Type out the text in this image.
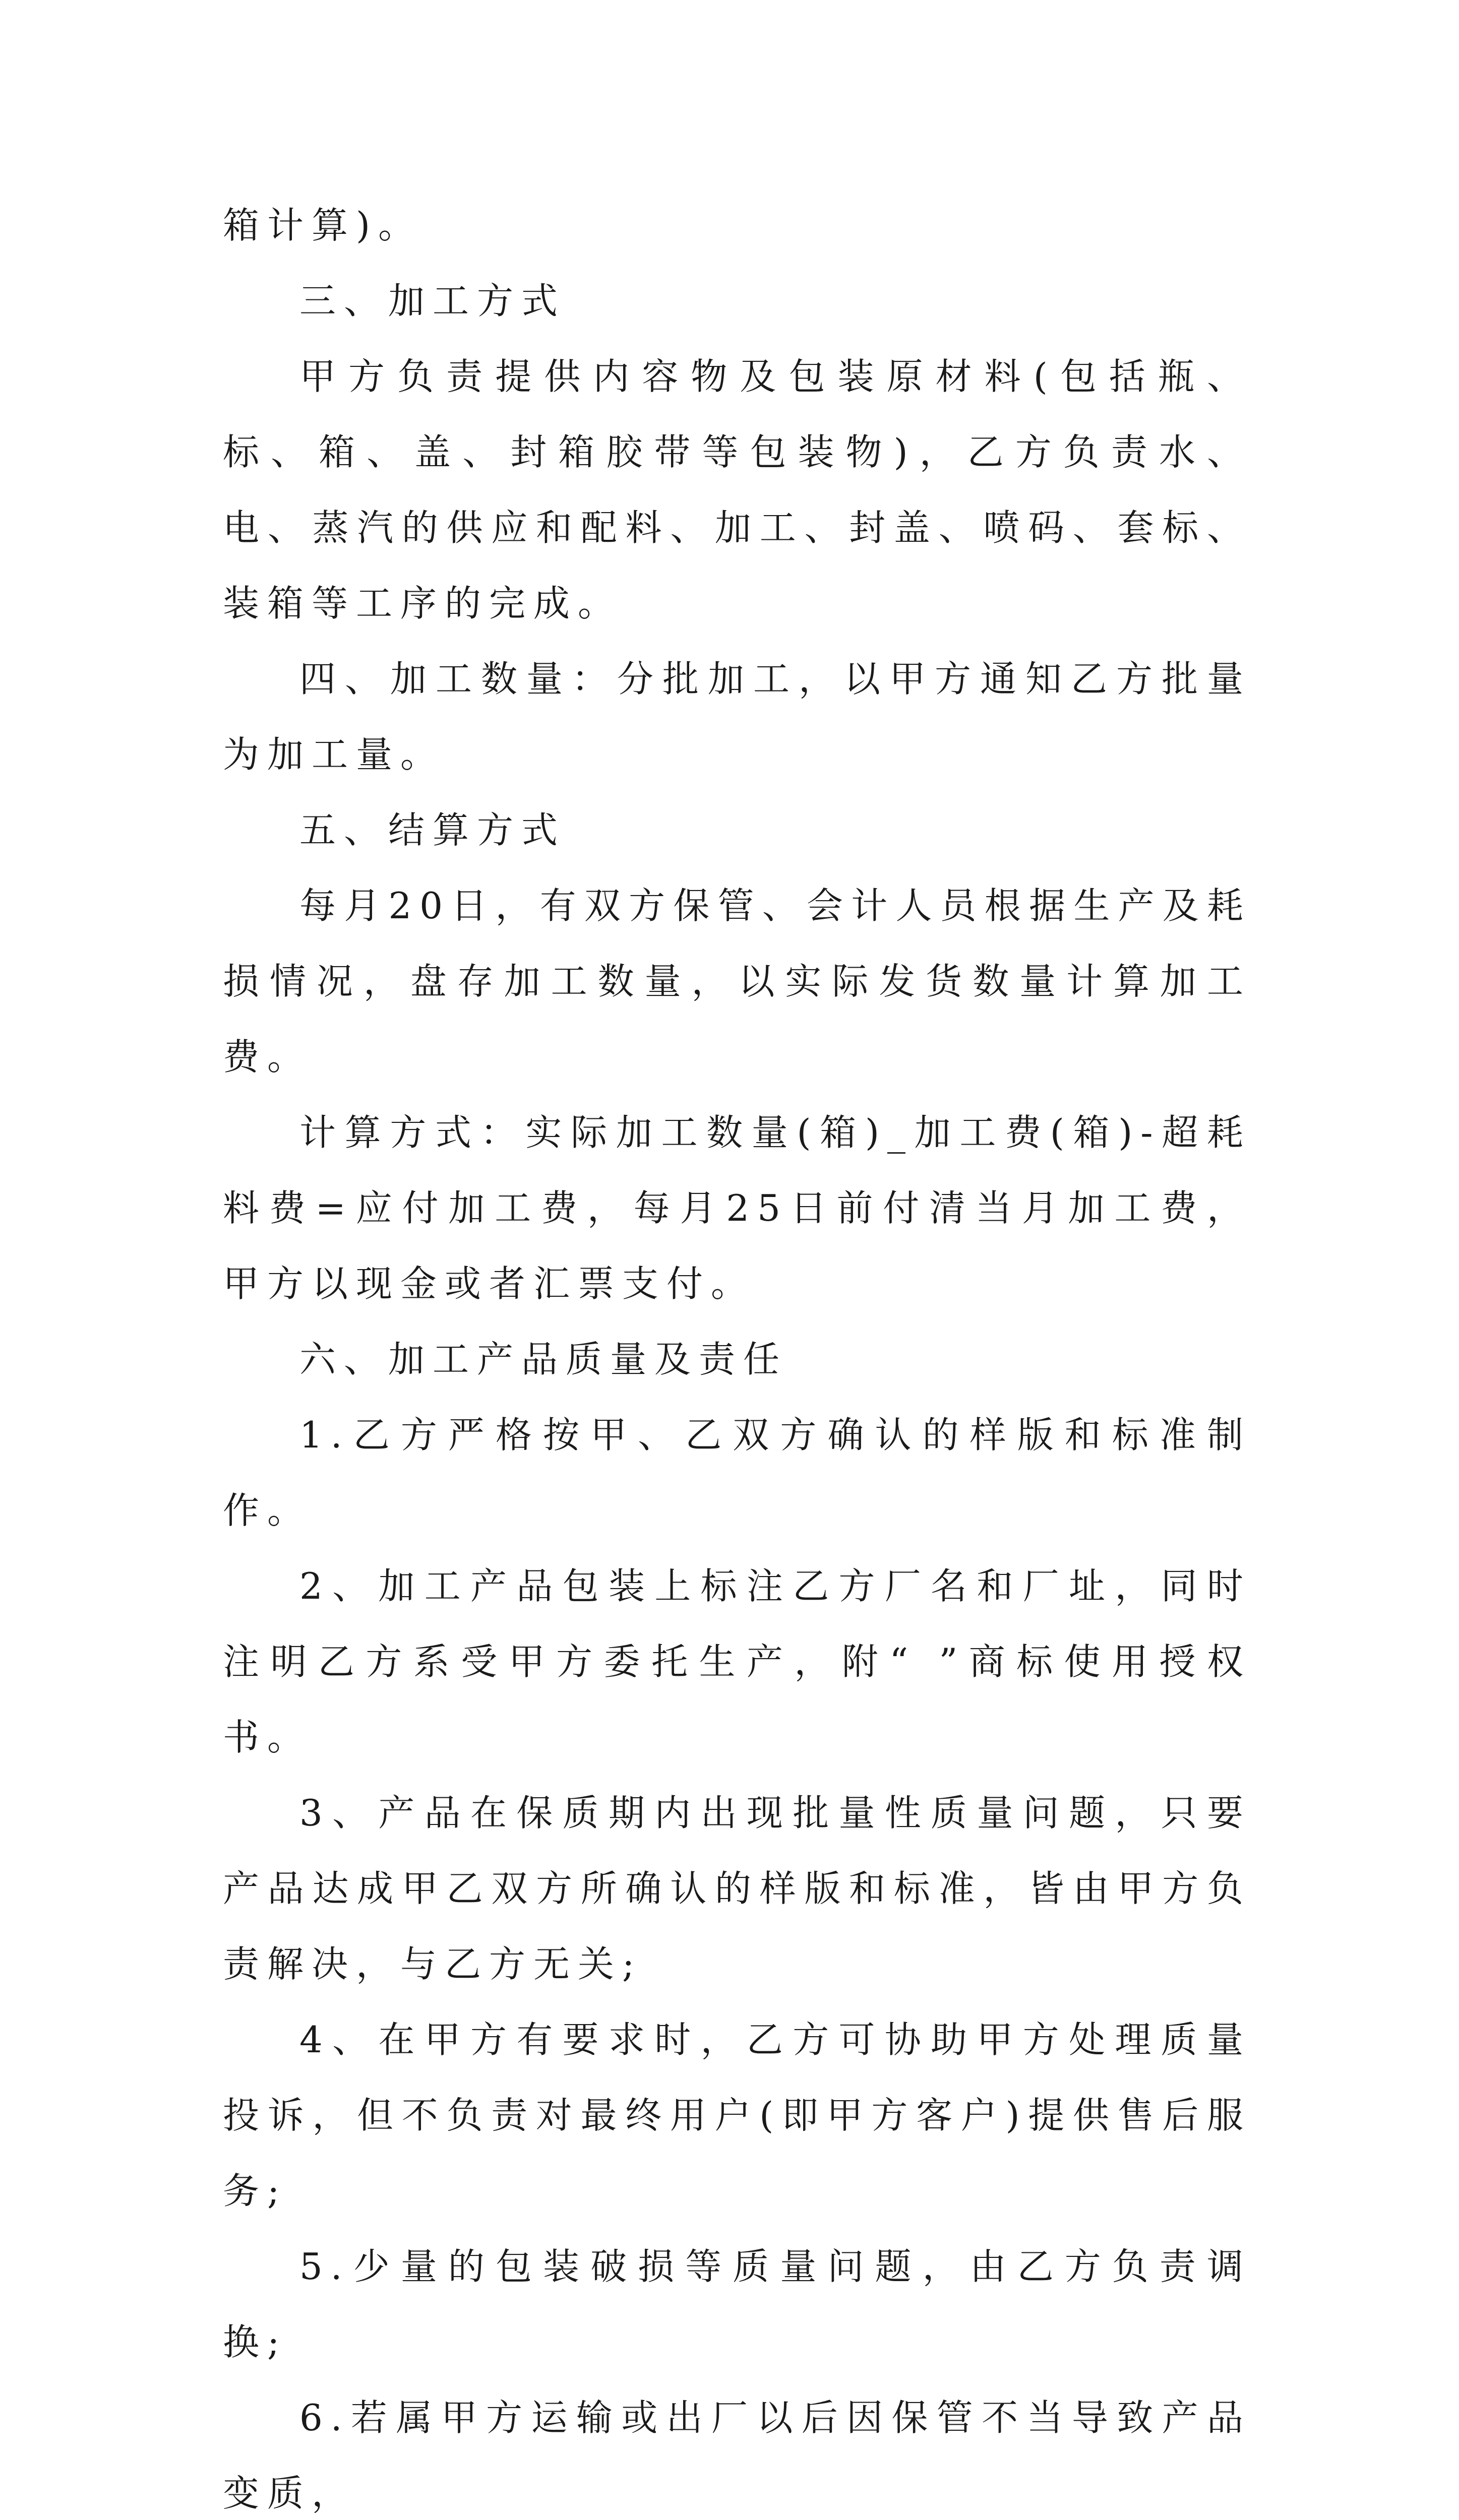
箱计算)。

三、加工方式

甲方负责提供内容物及包装原材料(包括瓶、标、箱、盖、封箱胶带等包装物)，乙方负责水、电、蒸汽的供应和配料、加工、封盖、喷码、套标、装箱等工序的完成。

四、加工数量：分批加工，以甲方通知乙方批量为加工量。

五、结算方式

每月20日，有双方保管、会计人员根据生产及耗损情况，盘存加工数量，以实际发货数量计算加工费。

计算方式：实际加工数量(箱)_加工费(箱)-超耗料费=应付加工费，每月25日前付清当月加工费，甲方以现金或者汇票支付。

六、加工产品质量及责任

1.乙方严格按甲、乙双方确认的样版和标准制作。

2、加工产品包装上标注乙方厂名和厂址，同时注明乙方系受甲方委托生产，附“ ”商标使用授权书。

3、产品在保质期内出现批量性质量问题，只要产品达成甲乙双方所确认的样版和标准，皆由甲方负责解决，与乙方无关;

4、在甲方有要求时，乙方可协助甲方处理质量投诉，但不负责对最终用户(即甲方客户)提供售后服务;

5.少量的包装破损等质量问题，由乙方负责调换;

6.若属甲方运输或出厂以后因保管不当导致产品变质，
